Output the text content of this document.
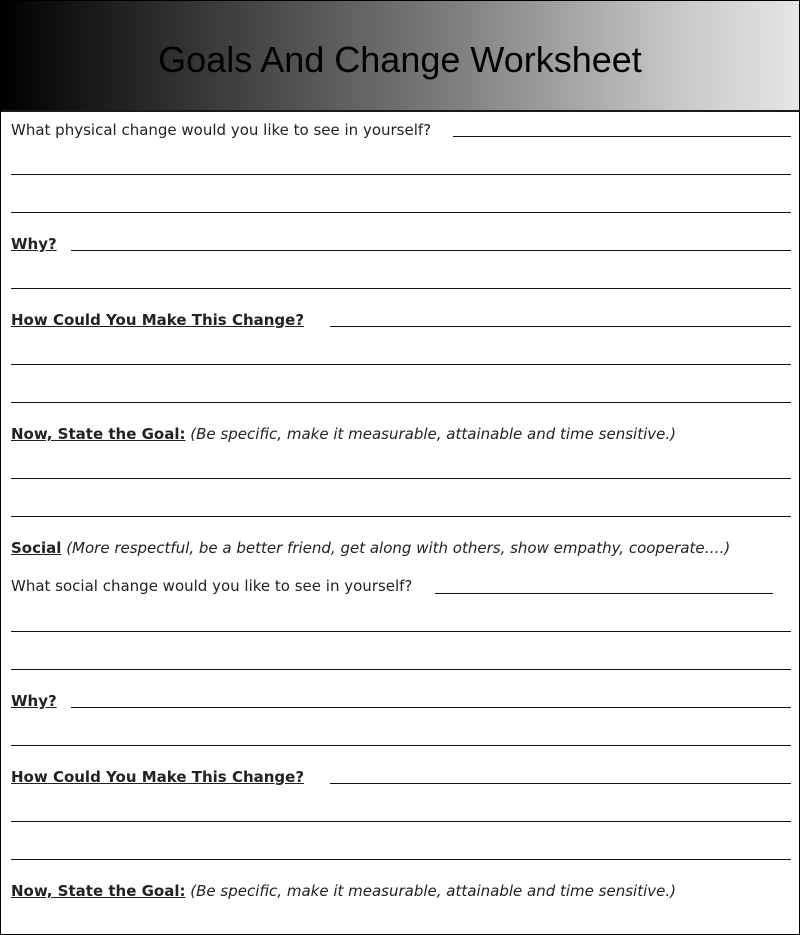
Goals And Change Worksheet
What physical change would you like to see in yourself?
Why?
How Could You Make This Change?
Now, State the Goal: (Be specific, make it measurable, attainable and time sensitive.)
Social (More respectful, be a better friend, get along with others, show empathy, cooperate….)
What social change would you like to see in yourself?
Why?
How Could You Make This Change?
Now, State the Goal: (Be specific, make it measurable, attainable and time sensitive.)
